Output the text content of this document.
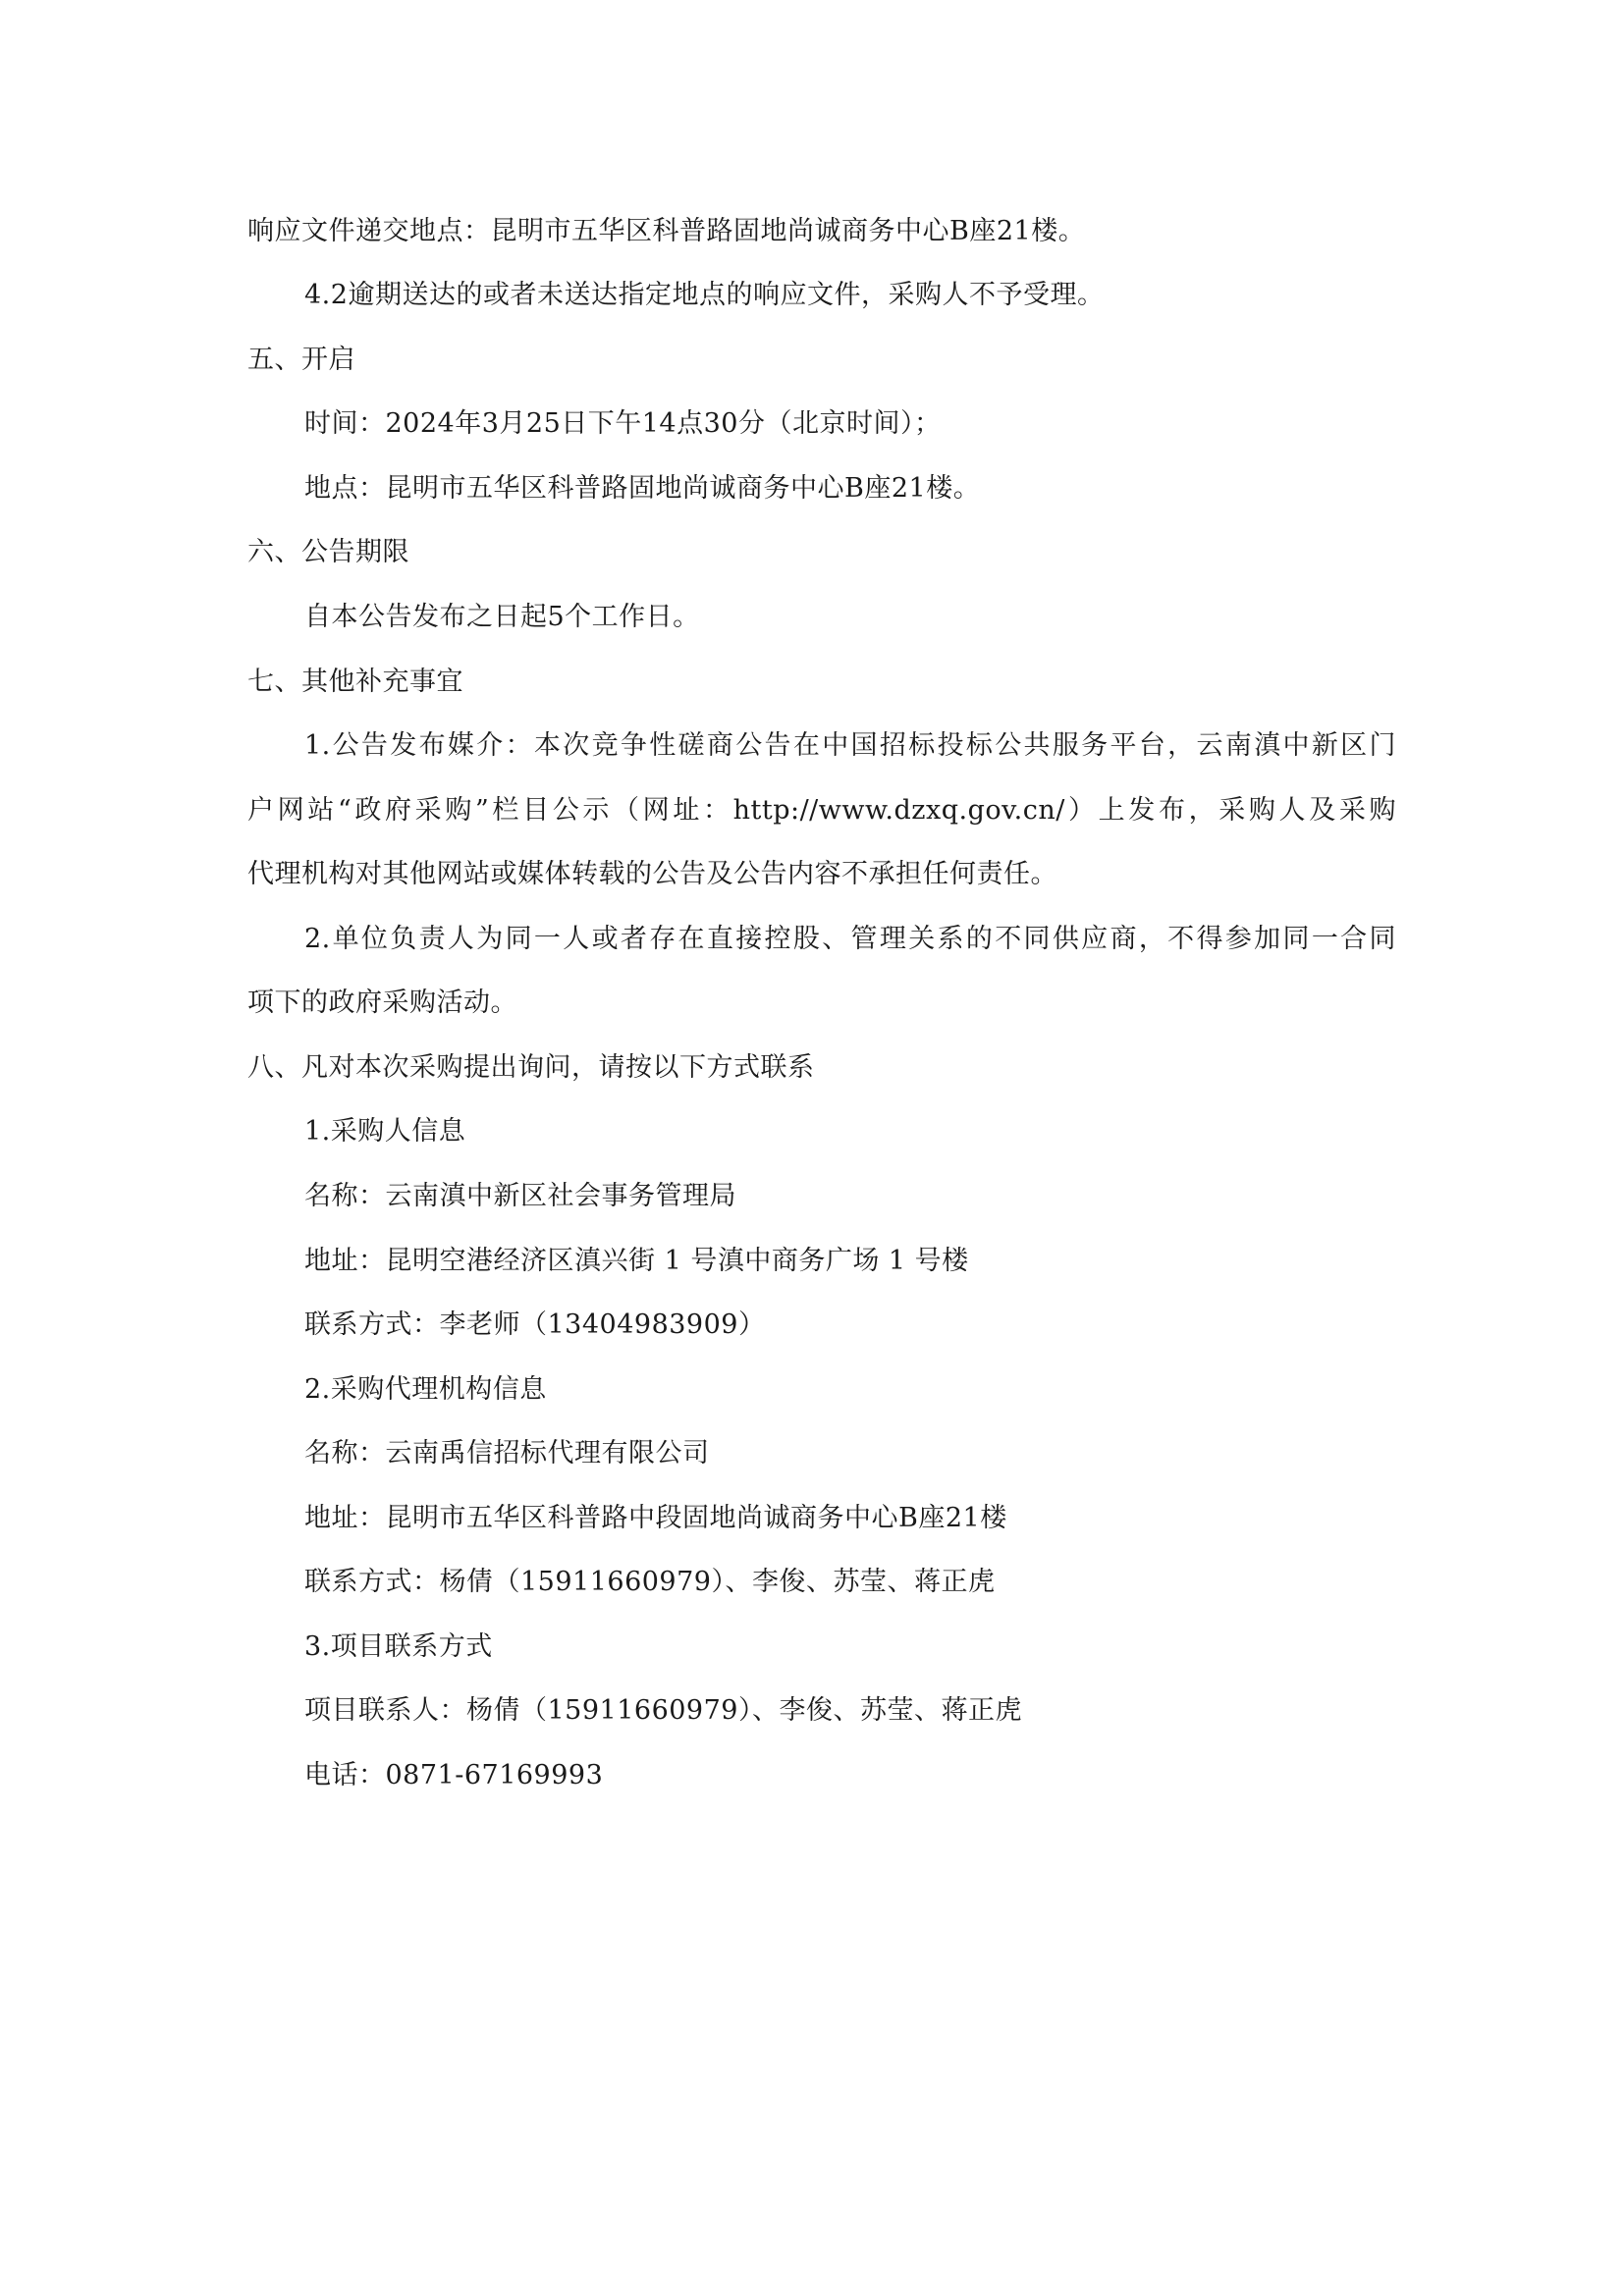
响应文件递交地点：昆明市五华区科普路固地尚诚商务中心B座21楼。
4.2逾期送达的或者未送达指定地点的响应文件，采购人不予受理。
五、开启
时间：2024年3月25日下午14点30分（北京时间）；
地点：昆明市五华区科普路固地尚诚商务中心B座21楼。
六、公告期限
自本公告发布之日起5个工作日。
七、其他补充事宜
1.公告发布媒介：本次竞争性磋商公告在中国招标投标公共服务平台，云南滇中新区门
户网站“政府采购”栏目公示（网址：http://www.dzxq.gov.cn/）上发布，采购人及采购
代理机构对其他网站或媒体转载的公告及公告内容不承担任何责任。
2.单位负责人为同一人或者存在直接控股、管理关系的不同供应商，不得参加同一合同
项下的政府采购活动。
八、凡对本次采购提出询问，请按以下方式联系
1.采购人信息
名称：云南滇中新区社会事务管理局
地址：昆明空港经济区滇兴街 1 号滇中商务广场 1 号楼
联系方式：李老师（13404983909）
2.采购代理机构信息
名称：云南禹信招标代理有限公司
地址：昆明市五华区科普路中段固地尚诚商务中心B座21楼
联系方式：杨倩（15911660979）、李俊、苏莹、蒋正虎
3.项目联系方式
项目联系人：杨倩（15911660979）、李俊、苏莹、蒋正虎
电话：0871-67169993
